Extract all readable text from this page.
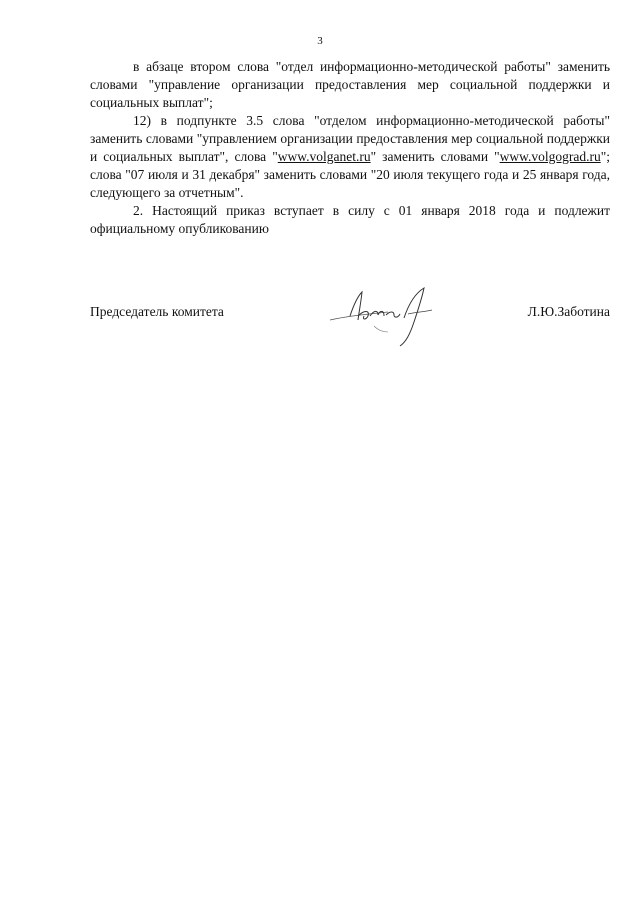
3

в абзаце втором слова "отдел информационно-методической работы" заменить словами "управление организации предоставления мер социальной поддержки и социальных выплат";

12) в подпункте 3.5 слова "отделом информационно-методической работы" заменить словами "управлением организации предоставления мер социальной поддержки и социальных выплат", слова "www.volganet.ru" заменить словами "www.volgograd.ru"; слова "07 июля и 31 декабря" заменить словами "20 июля текущего года и 25 января года, следующего за отчетным".

2. Настоящий приказ вступает в силу с 01 января 2018 года и подлежит официальному опубликованию

Председатель комитета	Л.Ю.Заботина
